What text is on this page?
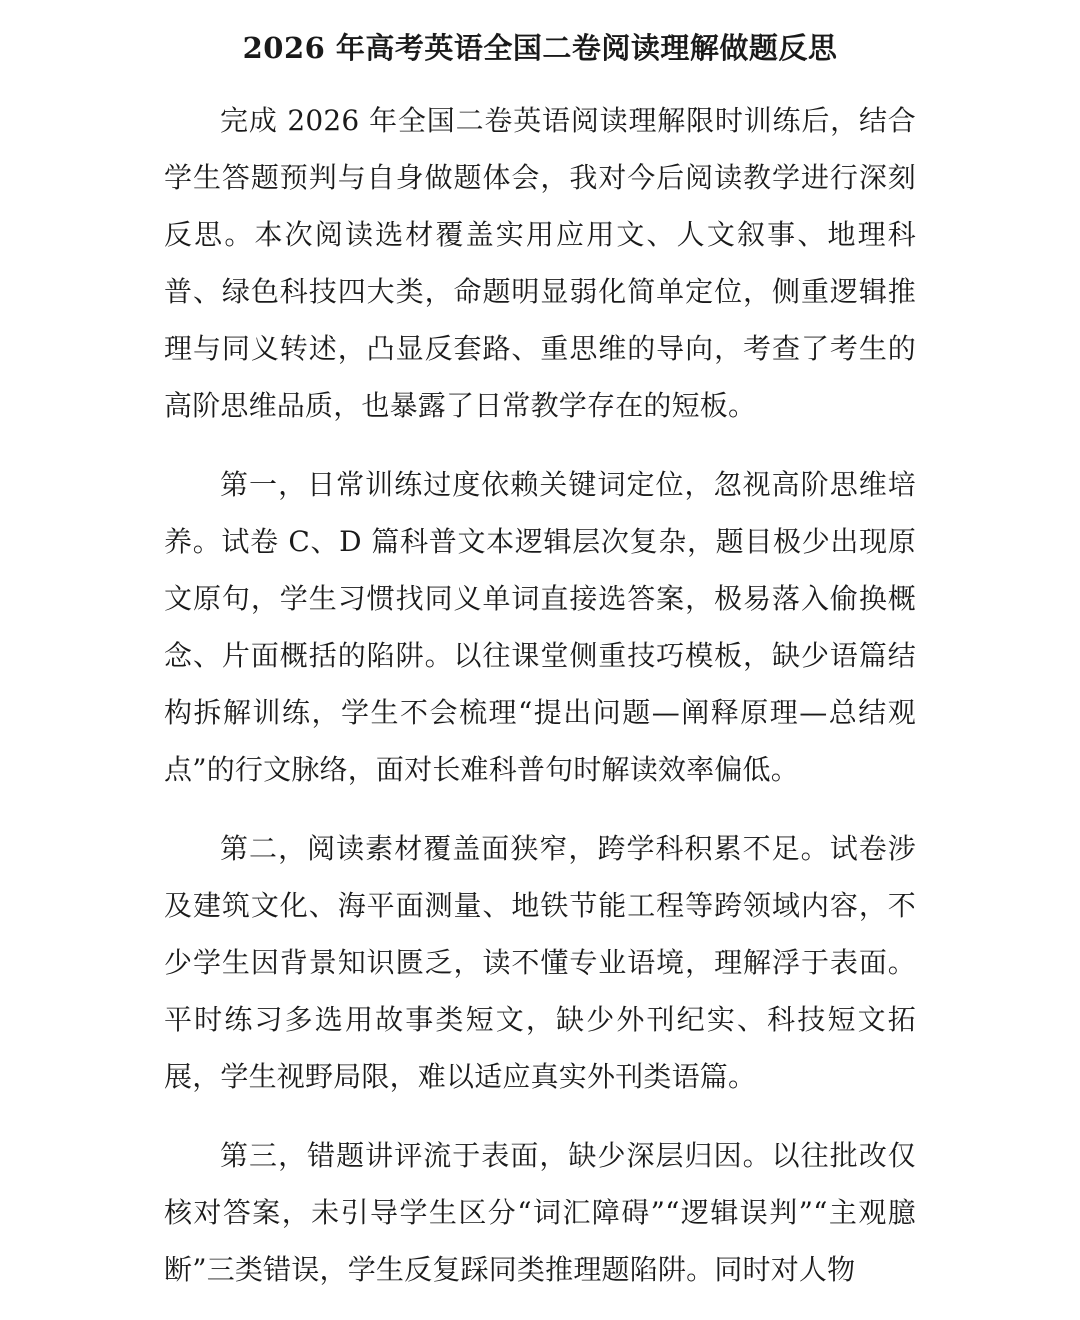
2026 年高考英语全国二卷阅读理解做题反思

完成 2026 年全国二卷英语阅读理解限时训练后，结合学生答题预判与自身做题体会，我对今后阅读教学进行深刻反思。本次阅读选材覆盖实用应用文、人文叙事、地理科普、绿色科技四大类，命题明显弱化简单定位，侧重逻辑推理与同义转述，凸显反套路、重思维的导向，考查了考生的高阶思维品质，也暴露了日常教学存在的短板。

第一，日常训练过度依赖关键词定位，忽视高阶思维培养。试卷 C、D 篇科普文本逻辑层次复杂，题目极少出现原文原句，学生习惯找同义单词直接选答案，极易落入偷换概念、片面概括的陷阱。以往课堂侧重技巧模板，缺少语篇结构拆解训练，学生不会梳理“提出问题—阐释原理—总结观点”的行文脉络，面对长难科普句时解读效率偏低。

第二，阅读素材覆盖面狭窄，跨学科积累不足。试卷涉及建筑文化、海平面测量、地铁节能工程等跨领域内容，不少学生因背景知识匮乏，读不懂专业语境，理解浮于表面。平时练习多选用故事类短文，缺少外刊纪实、科技短文拓展，学生视野局限，难以适应真实外刊类语篇。

第三，错题讲评流于表面，缺少深层归因。以往批改仅核对答案，未引导学生区分“词汇障碍”“逻辑误判”“主观臆断”三类错误，学生反复踩同类推理题陷阱。同时对人物
